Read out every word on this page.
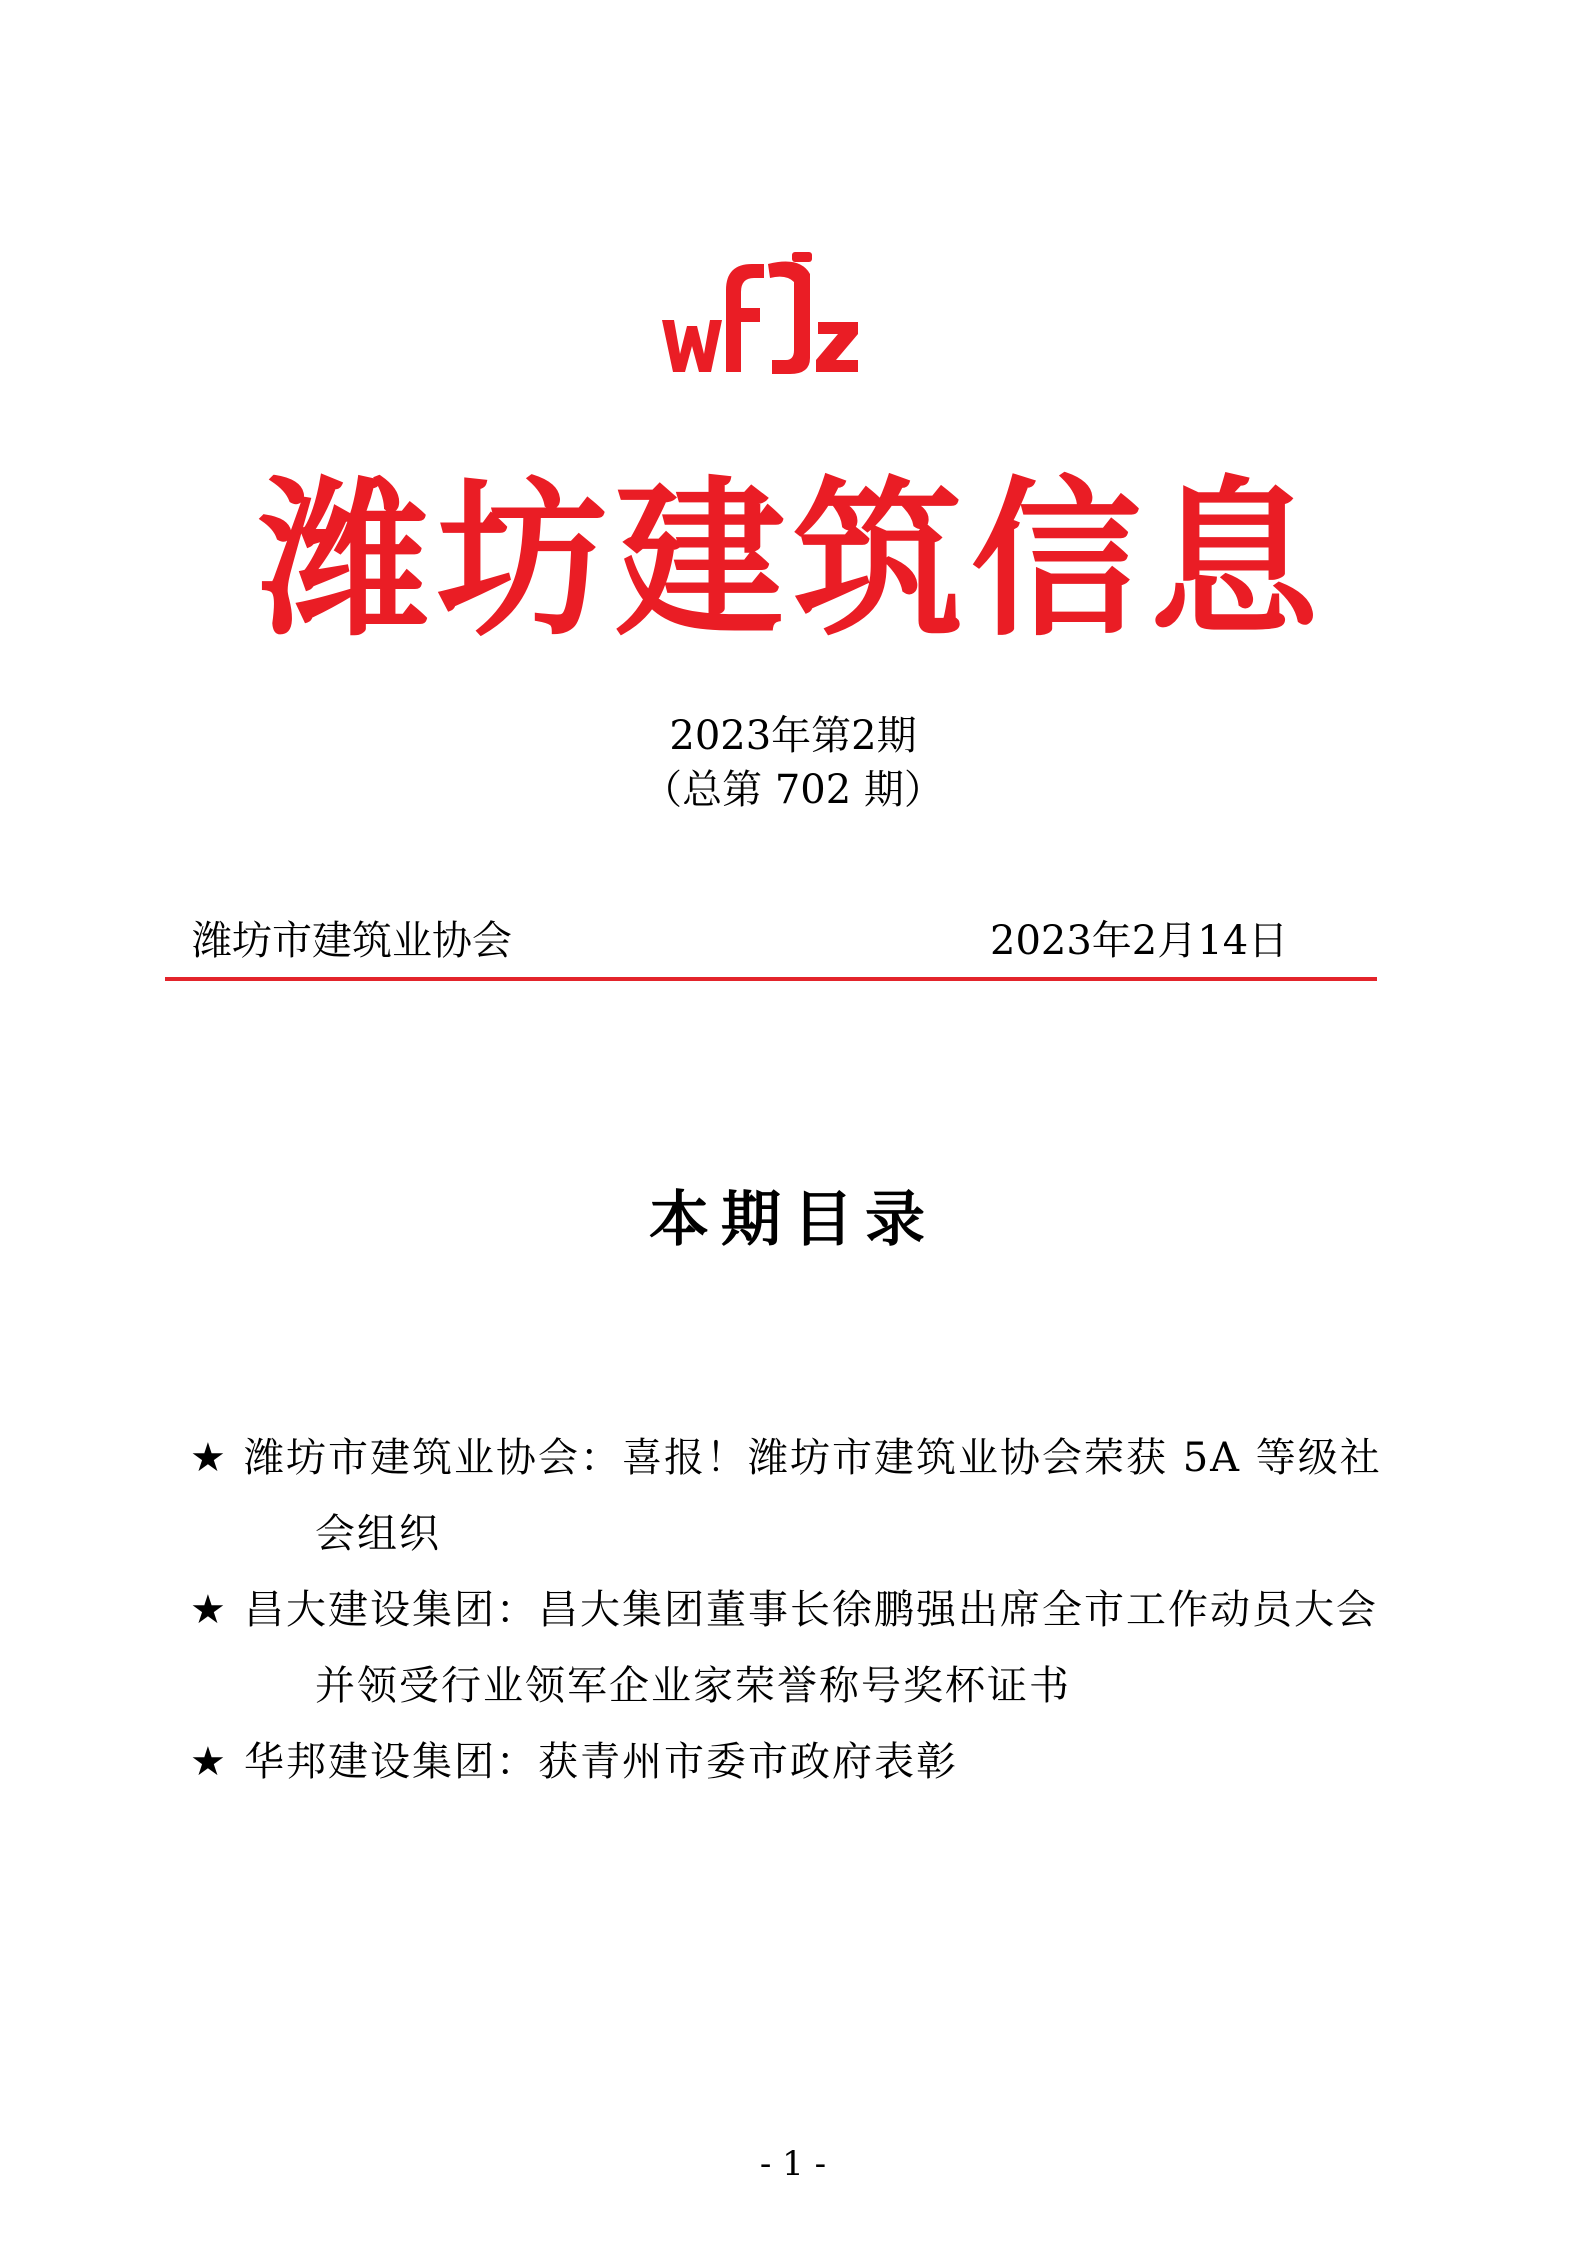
潍坊建筑信息
2023年第2期
（总第 702 期）
潍坊市建筑业协会	2023年2月14日
本期目录
★ 潍坊市建筑业协会：喜报！潍坊市建筑业协会荣获 5A 等级社
会组织
★ 昌大建设集团：昌大集团董事长徐鹏强出席全市工作动员大会
并领受行业领军企业家荣誉称号奖杯证书
★ 华邦建设集团：获青州市委市政府表彰
- 1 -
